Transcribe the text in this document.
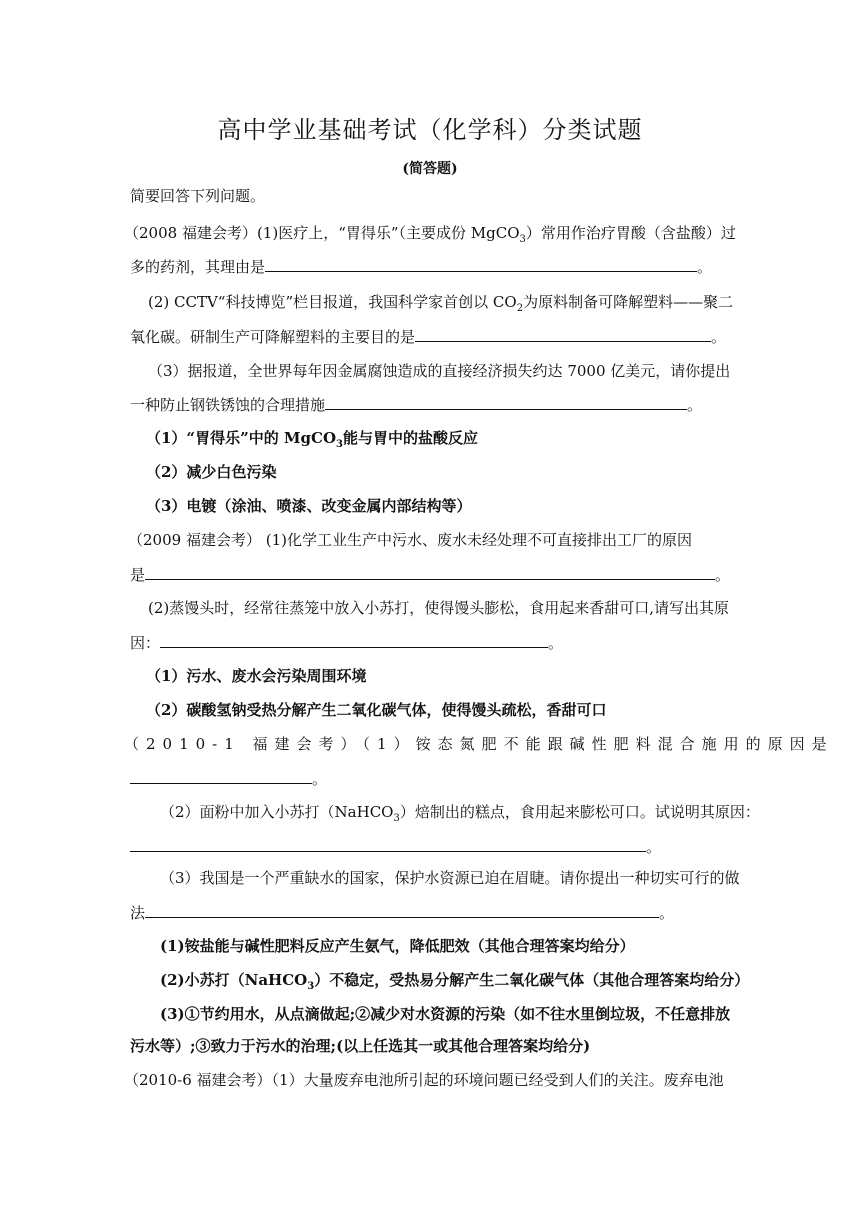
高中学业基础考试（化学科）分类试题
(简答题)
简要回答下列问题。
（2008 福建会考）(1)医疗上，“胃得乐”（主要成份 MgCO$_3$）常用作治疗胃酸（含盐酸）过
多的药剂，其理由是	。
(2) CCTV“科技博览”栏目报道，我国科学家首创以 $CO_2$为原料制备可降解塑料——聚二
氧化碳。研制生产可降解塑料的主要目的是	。
（3）据报道，全世界每年因金属腐蚀造成的直接经济损失约达 7000 亿美元，请你提出
一种防止钢铁锈蚀的合理措施	。
（1）“胃得乐”中的 MgCO$_3$能与胃中的盐酸反应
（2）减少白色污染
（3）电镀（涂油、喷漆、改变金属内部结构等）
（2009 福建会考） (1)化学工业生产中污水、废水未经处理不可直接排出工厂的原因
是	。
(2)蒸馒头时，经常往蒸笼中放入小苏打，使得馒头膨松，食用起来香甜可口,请写出其原
因：	。
（1）污水、废水会污染周围环境
（2）碳酸氢钠受热分解产生二氧化碳气体，使得馒头疏松，香甜可口
（2010-1 福建会考）（1）铵态氮肥不能跟碱性肥料混合施用的原因是
。
（2）面粉中加入小苏打（NaHCO$_3$）焙制出的糕点，食用起来膨松可口。试说明其原因：
。
（3）我国是一个严重缺水的国家，保护水资源已迫在眉睫。请你提出一种切实可行的做
法	。
(1)铵盐能与碱性肥料反应产生氨气，降低肥效（其他合理答案均给分）
(2)小苏打（NaHCO$_3$）不稳定，受热易分解产生二氧化碳气体（其他合理答案均给分）
(3)①节约用水，从点滴做起;②减少对水资源的污染（如不往水里倒垃圾，不任意排放
污水等）;③致力于污水的治理;(以上任选其一或其他合理答案均给分)
（2010-6 福建会考）（1）大量废弃电池所引起的环境问题已经受到人们的关注。废弃电池
